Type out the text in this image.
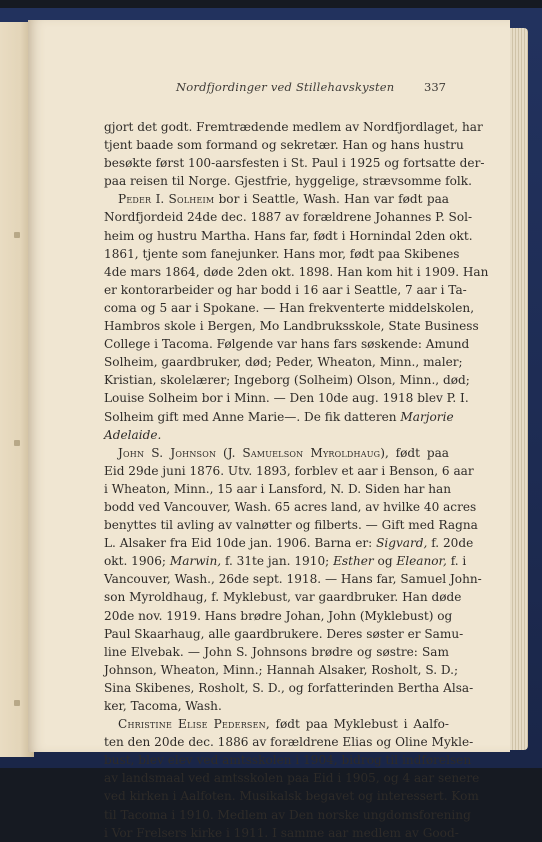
Nordfjordinger ved Stillehavskysten	337
gjort det godt. Fremtrædende medlem av Nordfjordlaget, har
tjent baade som formand og sekretær. Han og hans hustru
besøkte først 100-aarsfesten i St. Paul i 1925 og fortsatte der-
paa reisen til Norge. Gjestfrie, hyggelige, strævsomme folk.
Peder I. Solheim bor i Seattle, Wash. Han var født paa
Nordfjordeid 24de dec. 1887 av forældrene Johannes P. Sol-
heim og hustru Martha. Hans far, født i Hornindal 2den okt.
1861, tjente som fanejunker. Hans mor, født paa Skibenes
4de mars 1864, døde 2den okt. 1898. Han kom hit i 1909. Han
er kontorarbeider og har bodd i 16 aar i Seattle, 7 aar i Ta-
coma og 5 aar i Spokane. — Han frekventerte middelskolen,
Hambros skole i Bergen, Mo Landbruksskole, State Business
College i Tacoma. Følgende var hans fars søskende: Amund
Solheim, gaardbruker, død; Peder, Wheaton, Minn., maler;
Kristian, skolelærer; Ingeborg (Solheim) Olson, Minn., død;
Louise Solheim bor i Minn. — Den 10de aug. 1918 blev P. I.
Solheim gift med Anne Marie—. De fik datteren Marjorie
Adelaide.
John S. Johnson (J. Samuelson Myroldhaug), født paa
Eid 29de juni 1876. Utv. 1893, forblev et aar i Benson, 6 aar
i Wheaton, Minn., 15 aar i Lansford, N. D. Siden har han
bodd ved Vancouver, Wash. 65 acres land, av hvilke 40 acres
benyttes til avling av valnøtter og filberts. — Gift med Ragna
L. Alsaker fra Eid 10de jan. 1906. Barna er: Sigvard, f. 20de
okt. 1906; Marwin, f. 31te jan. 1910; Esther og Eleanor, f. i
Vancouver, Wash., 26de sept. 1918. — Hans far, Samuel John-
son Myroldhaug, f. Myklebust, var gaardbruker. Han døde
20de nov. 1919. Hans brødre Johan, John (Myklebust) og
Paul Skaarhaug, alle gaardbrukere. Deres søster er Samu-
line Elvebak. — John S. Johnsons brødre og søstre: Sam
Johnson, Wheaton, Minn.; Hannah Alsaker, Rosholt, S. D.;
Sina Skibenes, Rosholt, S. D., og forfatterinden Bertha Alsa-
ker, Tacoma, Wash.
Christine Elise Pedersen, født paa Myklebust i Aalfo-
ten den 20de dec. 1886 av forældrene Elias og Oline Mykle-
bust, blev elev ved amtsskolen i 1904, bidrog til indførelsen
av landsmaal ved amtsskolen paa Eid i 1905, og 4 aar senere
ved kirken i Aalfoten. Musikalsk begavet og interessert. Kom
til Tacoma i 1910. Medlem av Den norske ungdomsforening
i Vor Frelsers kirke i 1911. I samme aar medlem av Good-
